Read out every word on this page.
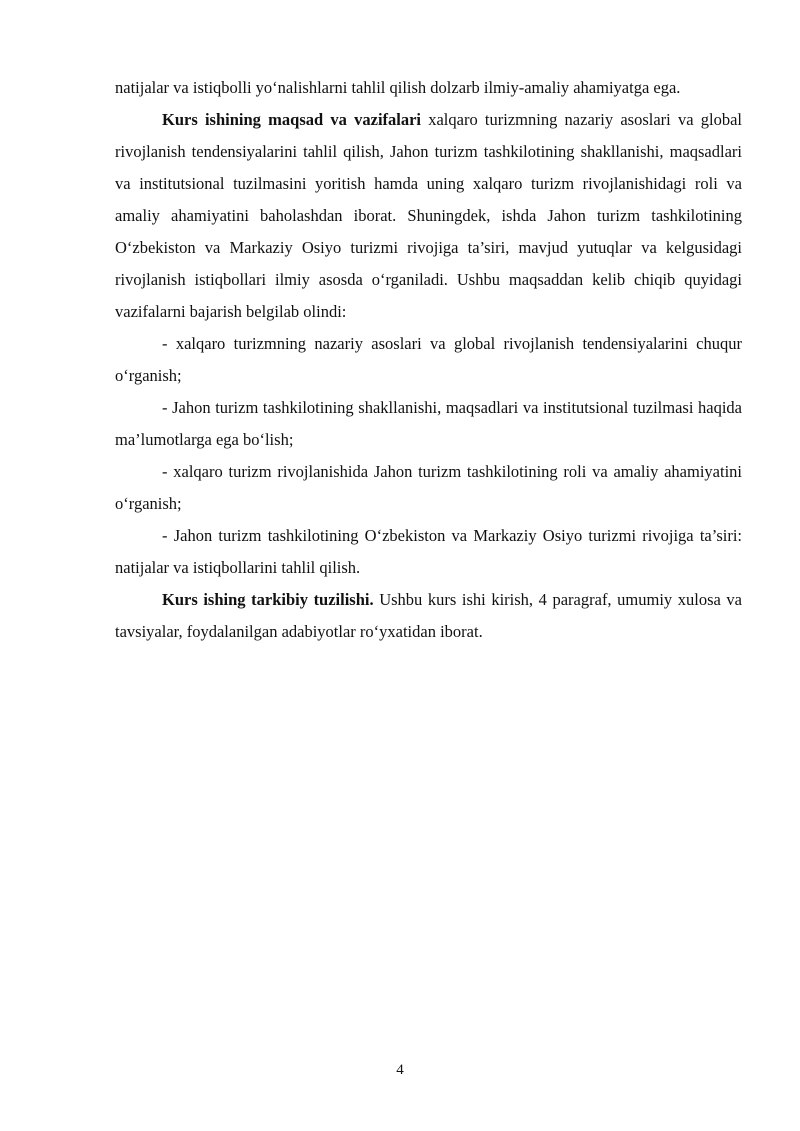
natijalar va istiqbolli yo‘nalishlarni tahlil qilish dolzarb ilmiy-amaliy ahamiyatga ega.

Kurs ishining maqsad va vazifalari xalqaro turizmning nazariy asoslari va global rivojlanish tendensiyalarini tahlil qilish, Jahon turizm tashkilotining shakllanishi, maqsadlari va institutsional tuzilmasini yoritish hamda uning xalqaro turizm rivojlanishidagi roli va amaliy ahamiyatini baholashdan iborat. Shuningdek, ishda Jahon turizm tashkilotining O‘zbekiston va Markaziy Osiyo turizmi rivojiga ta’siri, mavjud yutuqlar va kelgusidagi rivojlanish istiqbollari ilmiy asosda o‘rganiladi. Ushbu maqsaddan kelib chiqib quyidagi vazifalarni bajarish belgilab olindi:

- xalqaro turizmning nazariy asoslari va global rivojlanish tendensiyalarini chuqur o‘rganish;

- Jahon turizm tashkilotining shakllanishi, maqsadlari va institutsional tuzilmasi haqida ma’lumotlarga ega bo‘lish;

- xalqaro turizm rivojlanishida Jahon turizm tashkilotining roli va amaliy ahamiyatini o‘rganish;

- Jahon turizm tashkilotining O‘zbekiston va Markaziy Osiyo turizmi rivojiga ta’siri: natijalar va istiqbollarini tahlil qilish.

Kurs ishing tarkibiy tuzilishi. Ushbu kurs ishi kirish, 4 paragraf, umumiy xulosa va tavsiyalar, foydalanilgan adabiyotlar ro‘yxatidan iborat.

4
